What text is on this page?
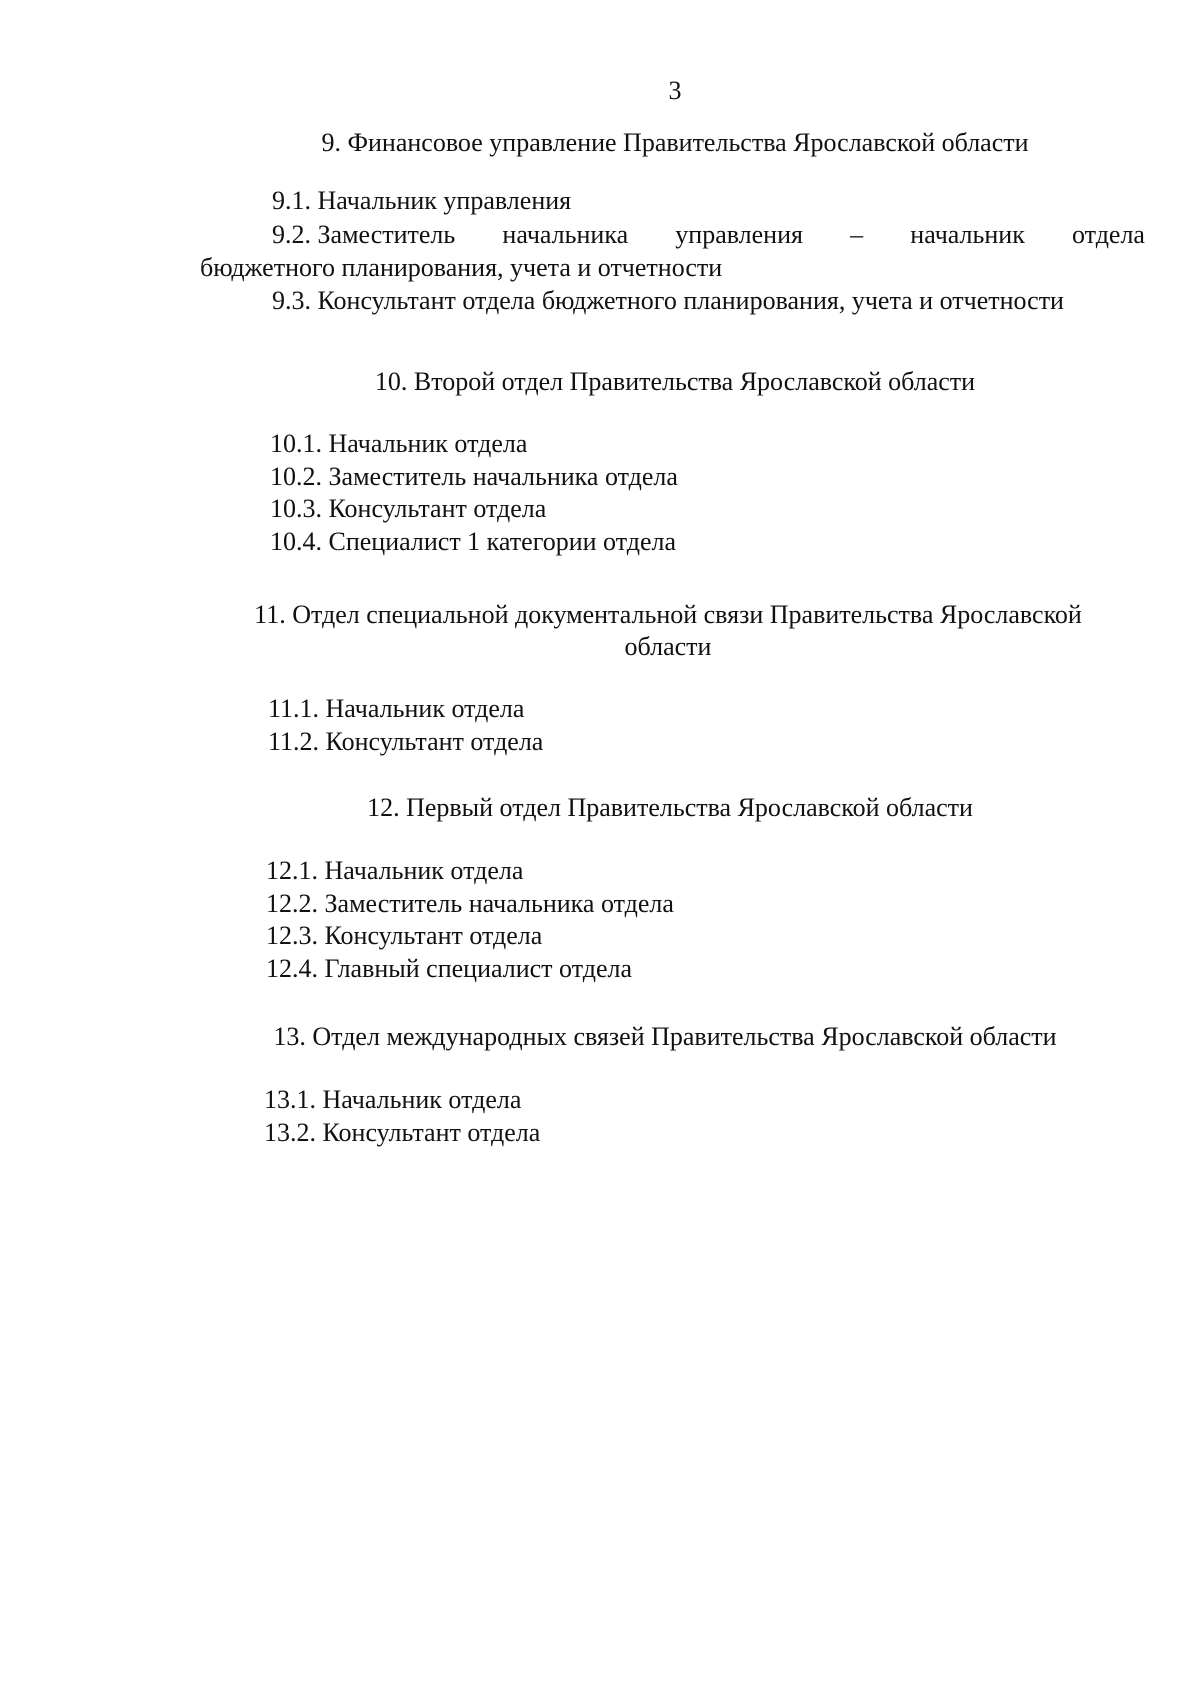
3
9. Финансовое управление Правительства Ярославской области
9.1. Начальник управления
9.2. Заместитель начальника управления – начальник отдела
бюджетного планирования, учета и отчетности
9.3. Консультант отдела бюджетного планирования, учета и отчетности
10. Второй отдел Правительства Ярославской области
10.1. Начальник отдела
10.2. Заместитель начальника отдела
10.3. Консультант отдела
10.4. Специалист 1 категории отдела
11. Отдел специальной документальной связи Правительства Ярославской
области
11.1. Начальник отдела
11.2. Консультант отдела
12. Первый отдел Правительства Ярославской области
12.1. Начальник отдела
12.2. Заместитель начальника отдела
12.3. Консультант отдела
12.4. Главный специалист отдела
13. Отдел международных связей Правительства Ярославской области
13.1. Начальник отдела
13.2. Консультант отдела
